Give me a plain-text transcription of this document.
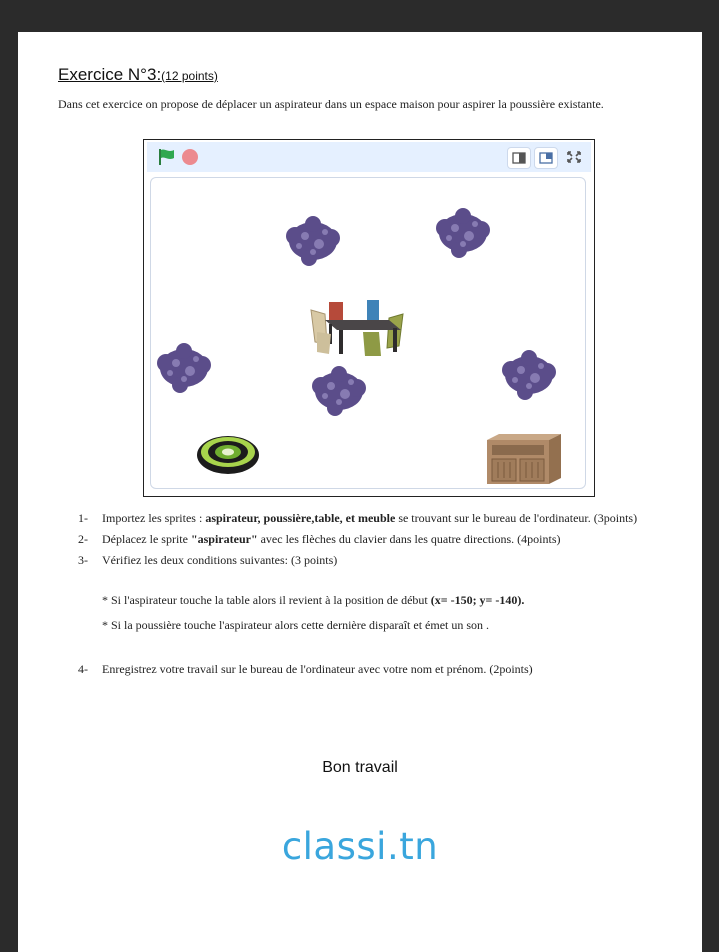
Exercice N°3:(12 points)
Dans cet exercice on propose de déplacer un aspirateur dans un espace maison pour aspirer la poussière existante.
1- Importez les sprites : aspirateur, poussière,table, et meuble se trouvant sur le bureau de l'ordinateur. (3points)
2- Déplacez le sprite "aspirateur" avec les flèches du clavier dans les quatre directions. (4points)
3- Vérifiez les deux conditions suivantes: (3 points)
* Si l'aspirateur touche la table alors il revient à la position de début (x= -150; y= -140).
* Si la poussière touche l'aspirateur alors cette dernière disparaît et émet un son .
4- Enregistrez votre travail sur le bureau de l'ordinateur avec votre nom et prénom. (2points)
Bon travail
classi.tn
